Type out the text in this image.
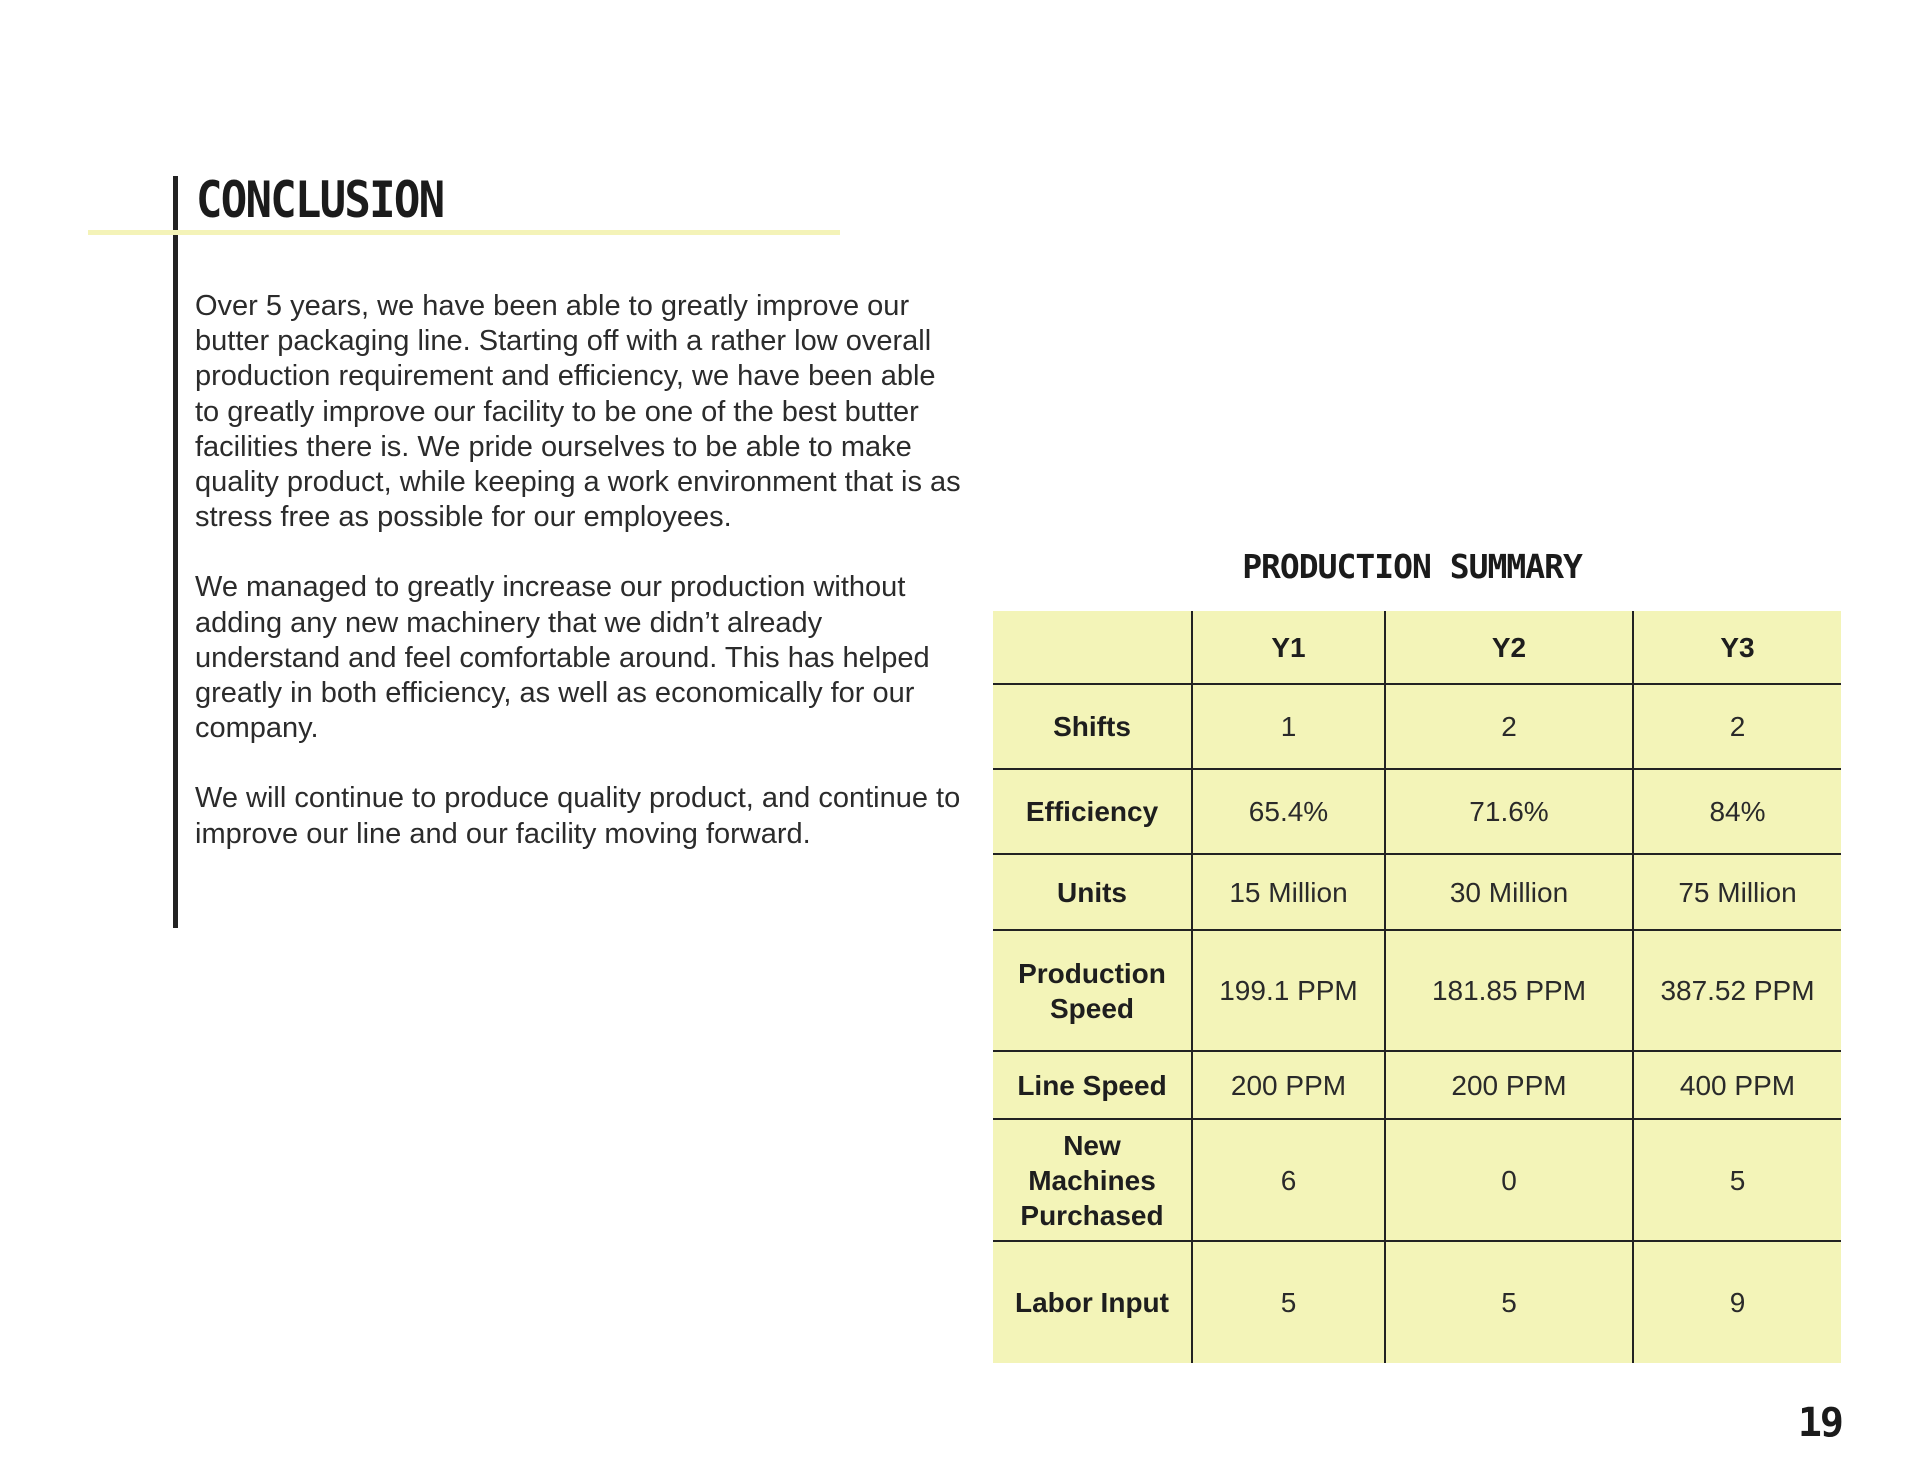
CONCLUSION

Over 5 years, we have been able to greatly improve our butter packaging line. Starting off with a rather low overall production requirement and efficiency, we have been able to greatly improve our facility to be one of the best butter facilities there is. We pride ourselves to be able to make quality product, while keeping a work environment that is as stress free as possible for our employees.

We managed to greatly increase our production without adding any new machinery that we didn’t already understand and feel comfortable around. This has helped greatly in both efficiency, as well as economically for our company.

We will continue to produce quality product, and continue to improve our line and our facility moving forward.

PRODUCTION SUMMARY
	Y1	Y2	Y3
Shifts	1	2	2
Efficiency	65.4%	71.6%	84%
Units	15 Million	30 Million	75 Million
Production Speed	199.1 PPM	181.85 PPM	387.52 PPM
Line Speed	200 PPM	200 PPM	400 PPM
New Machines Purchased	6	0	5
Labor Input	5	5	9
19
